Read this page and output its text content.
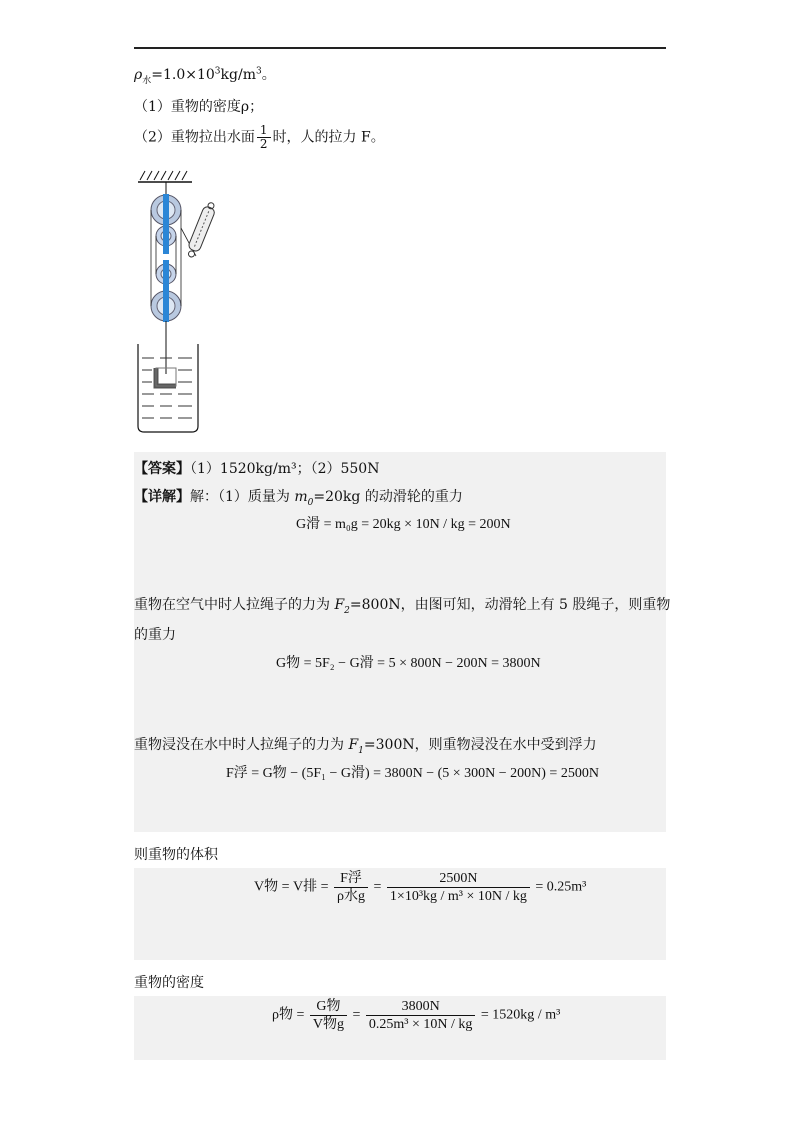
$\rho_水=1.0\times 10^3kg/m^3$。
（1）重物的密度ρ；
（2）重物拉出水面 $\frac{1}{2}$ 时，人的拉力 F。
【答案】（1）1520kg/m³；（2）550N
【详解】解：（1）质量为 $m_0=20kg$ 的动滑轮的重力
G滑 = m₀g = 20kg × 10N / kg = 200N
重物在空气中时人拉绳子的力为 $F_2=800N$，由图可知，动滑轮上有 5 股绳子，则重物
的重力
G物 = 5F₂ − G滑 = 5 × 800N − 200N = 3800N
重物浸没在水中时人拉绳子的力为 $F_1=300N$，则重物浸没在水中受到浮力
F浮 = G物 − (5F₁ − G滑) = 3800N − (5 × 300N − 200N) = 2500N
则重物的体积
V物 = V排 = $\frac{\text{F浮}}{\text{ρ水g}} = \frac{2500N}{\text{1×10³kg / m³ × 10N / kg}} = 0.25m^3$
重物的密度
ρ物 = $\frac{\text{G物}}{\text{V物g}} = \frac{3800N}{\text{0.25m³ × 10N / kg}} = 1520kg / m^3$
